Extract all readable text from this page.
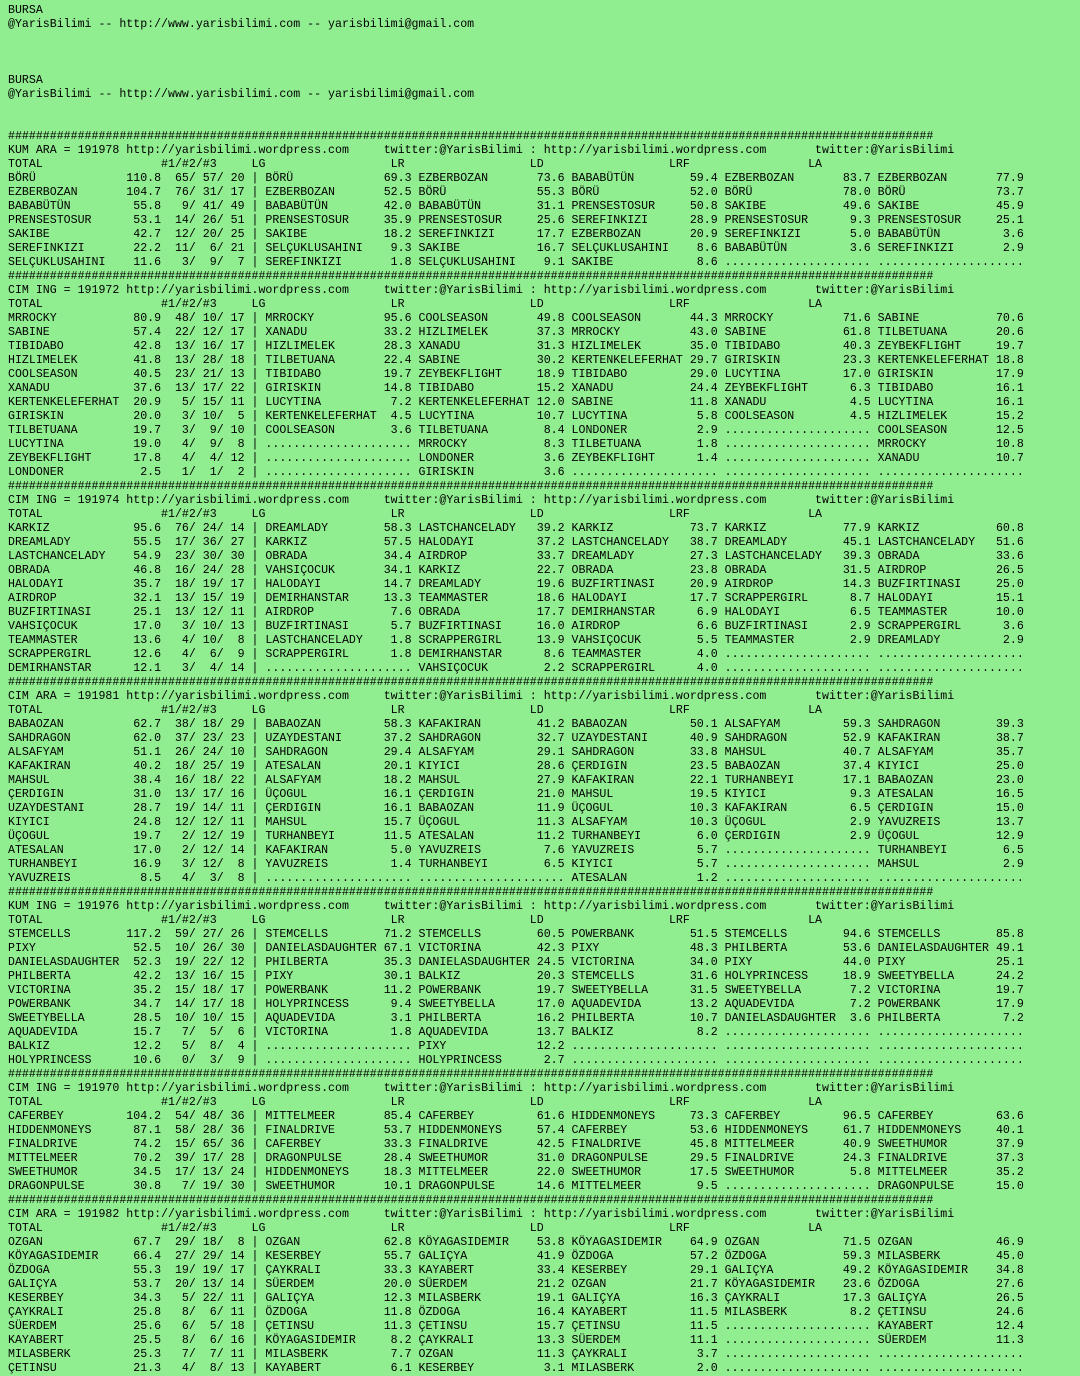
BURSA
@YarisBilimi -- http://www.yarisbilimi.com -- yarisbilimi@gmail.com
BURSA
@YarisBilimi -- http://www.yarisbilimi.com -- yarisbilimi@gmail.com
#####################################################################################################################################
KUM ARA = 191978 http://yarisbilimi.wordpress.com     twitter:@YarisBilimi : http://yarisbilimi.wordpress.com       twitter:@YarisBilimi
TOTAL                 #1/#2/#3     LG                  LR                  LD                  LRF                 LA
BÖRÜ             110.8  65/ 57/ 20 | BÖRÜ             69.3 EZBERBOZAN       73.6 BABABÜTÜN        59.4 EZBERBOZAN       83.7 EZBERBOZAN       77.9
EZBERBOZAN       104.7  76/ 31/ 17 | EZBERBOZAN       52.5 BÖRÜ             55.3 BÖRÜ             52.0 BÖRÜ             78.0 BÖRÜ             73.7
BABABÜTÜN         55.8   9/ 41/ 49 | BABABÜTÜN        42.0 BABABÜTÜN        31.1 PRENSESTOSUR     50.8 SAKIBE           49.6 SAKIBE           45.9
PRENSESTOSUR      53.1  14/ 26/ 51 | PRENSESTOSUR     35.9 PRENSESTOSUR     25.6 SEREFINKIZI      28.9 PRENSESTOSUR      9.3 PRENSESTOSUR     25.1
SAKIBE            42.7  12/ 20/ 25 | SAKIBE           18.2 SEREFINKIZI      17.7 EZBERBOZAN       20.9 SEREFINKIZI       5.0 BABABÜTÜN         3.6
SEREFINKIZI       22.2  11/  6/ 21 | SELÇUKLUSAHINI    9.3 SAKIBE           16.7 SELÇUKLUSAHINI    8.6 BABABÜTÜN         3.6 SEREFINKIZI       2.9
SELÇUKLUSAHINI    11.6   3/  9/  7 | SEREFINKIZI       1.8 SELÇUKLUSAHINI    9.1 SAKIBE            8.6 ..................... .....................
#####################################################################################################################################
CIM ING = 191972 http://yarisbilimi.wordpress.com     twitter:@YarisBilimi : http://yarisbilimi.wordpress.com       twitter:@YarisBilimi
TOTAL                 #1/#2/#3     LG                  LR                  LD                  LRF                 LA
MRROCKY           80.9  48/ 10/ 17 | MRROCKY          95.6 COOLSEASON       49.8 COOLSEASON       44.3 MRROCKY          71.6 SABINE           70.6
SABINE            57.4  22/ 12/ 17 | XANADU           33.2 HIZLIMELEK       37.3 MRROCKY          43.0 SABINE           61.8 TILBETUANA       20.6
TIBIDABO          42.8  13/ 16/ 17 | HIZLIMELEK       28.3 XANADU           31.3 HIZLIMELEK       35.0 TIBIDABO         40.3 ZEYBEKFLIGHT     19.7
HIZLIMELEK        41.8  13/ 28/ 18 | TILBETUANA       22.4 SABINE           30.2 KERTENKELEFERHAT 29.7 GIRISKIN         23.3 KERTENKELEFERHAT 18.8
COOLSEASON        40.5  23/ 21/ 13 | TIBIDABO         19.7 ZEYBEKFLIGHT     18.9 TIBIDABO         29.0 LUCYTINA         17.0 GIRISKIN         17.9
XANADU            37.6  13/ 17/ 22 | GIRISKIN         14.8 TIBIDABO         15.2 XANADU           24.4 ZEYBEKFLIGHT      6.3 TIBIDABO         16.1
KERTENKELEFERHAT  20.9   5/ 15/ 11 | LUCYTINA          7.2 KERTENKELEFERHAT 12.0 SABINE           11.8 XANADU            4.5 LUCYTINA         16.1
GIRISKIN          20.0   3/ 10/  5 | KERTENKELEFERHAT  4.5 LUCYTINA         10.7 LUCYTINA          5.8 COOLSEASON        4.5 HIZLIMELEK       15.2
TILBETUANA        19.7   3/  9/ 10 | COOLSEASON        3.6 TILBETUANA        8.4 LONDONER          2.9 ..................... COOLSEASON       12.5
LUCYTINA          19.0   4/  9/  8 | ..................... MRROCKY           8.3 TILBETUANA        1.8 ..................... MRROCKY          10.8
ZEYBEKFLIGHT      17.8   4/  4/ 12 | ..................... LONDONER          3.6 ZEYBEKFLIGHT      1.4 ..................... XANADU           10.7
LONDONER           2.5   1/  1/  2 | ..................... GIRISKIN          3.6 ..................... ..................... .....................
#####################################################################################################################################
CIM ING = 191974 http://yarisbilimi.wordpress.com     twitter:@YarisBilimi : http://yarisbilimi.wordpress.com       twitter:@YarisBilimi
TOTAL                 #1/#2/#3     LG                  LR                  LD                  LRF                 LA
KARKIZ            95.6  76/ 24/ 14 | DREAMLADY        58.3 LASTCHANCELADY   39.2 KARKIZ           73.7 KARKIZ           77.9 KARKIZ           60.8
DREAMLADY         55.5  17/ 36/ 27 | KARKIZ           57.5 HALODAYI         37.2 LASTCHANCELADY   38.7 DREAMLADY        45.1 LASTCHANCELADY   51.6
LASTCHANCELADY    54.9  23/ 30/ 30 | OBRADA           34.4 AIRDROP          33.7 DREAMLADY        27.3 LASTCHANCELADY   39.3 OBRADA           33.6
OBRADA            46.8  16/ 24/ 28 | VAHSIÇOCUK       34.1 KARKIZ           22.7 OBRADA           23.8 OBRADA           31.5 AIRDROP          26.5
HALODAYI          35.7  18/ 19/ 17 | HALODAYI         14.7 DREAMLADY        19.6 BUZFIRTINASI     20.9 AIRDROP          14.3 BUZFIRTINASI     25.0
AIRDROP           32.1  13/ 15/ 19 | DEMIRHANSTAR     13.3 TEAMMASTER       18.6 HALODAYI         17.7 SCRAPPERGIRL      8.7 HALODAYI         15.1
BUZFIRTINASI      25.1  13/ 12/ 11 | AIRDROP           7.6 OBRADA           17.7 DEMIRHANSTAR      6.9 HALODAYI          6.5 TEAMMASTER       10.0
VAHSIÇOCUK        17.0   3/ 10/ 13 | BUZFIRTINASI      5.7 BUZFIRTINASI     16.0 AIRDROP           6.6 BUZFIRTINASI      2.9 SCRAPPERGIRL      3.6
TEAMMASTER        13.6   4/ 10/  8 | LASTCHANCELADY    1.8 SCRAPPERGIRL     13.9 VAHSIÇOCUK        5.5 TEAMMASTER        2.9 DREAMLADY         2.9
SCRAPPERGIRL      12.6   4/  6/  9 | SCRAPPERGIRL      1.8 DEMIRHANSTAR      8.6 TEAMMASTER        4.0 ..................... .....................
DEMIRHANSTAR      12.1   3/  4/ 14 | ..................... VAHSIÇOCUK        2.2 SCRAPPERGIRL      4.0 ..................... .....................
#####################################################################################################################################
CIM ARA = 191981 http://yarisbilimi.wordpress.com     twitter:@YarisBilimi : http://yarisbilimi.wordpress.com       twitter:@YarisBilimi
TOTAL                 #1/#2/#3     LG                  LR                  LD                  LRF                 LA
BABAOZAN          62.7  38/ 18/ 29 | BABAOZAN         58.3 KAFAKIRAN        41.2 BABAOZAN         50.1 ALSAFYAM         59.3 SAHDRAGON        39.3
SAHDRAGON         62.0  37/ 23/ 23 | UZAYDESTANI      37.2 SAHDRAGON        32.7 UZAYDESTANI      40.9 SAHDRAGON        52.9 KAFAKIRAN        38.7
ALSAFYAM          51.1  26/ 24/ 10 | SAHDRAGON        29.4 ALSAFYAM         29.1 SAHDRAGON        33.8 MAHSUL           40.7 ALSAFYAM         35.7
KAFAKIRAN         40.2  18/ 25/ 19 | ATESALAN         20.1 KIYICI           28.6 ÇERDIGIN         23.5 BABAOZAN         37.4 KIYICI           25.0
MAHSUL            38.4  16/ 18/ 22 | ALSAFYAM         18.2 MAHSUL           27.9 KAFAKIRAN        22.1 TURHANBEYI       17.1 BABAOZAN         23.0
ÇERDIGIN          31.0  13/ 17/ 16 | ÜÇOGUL           16.1 ÇERDIGIN         21.0 MAHSUL           19.5 KIYICI            9.3 ATESALAN         16.5
UZAYDESTANI       28.7  19/ 14/ 11 | ÇERDIGIN         16.1 BABAOZAN         11.9 ÜÇOGUL           10.3 KAFAKIRAN         6.5 ÇERDIGIN         15.0
KIYICI            24.8  12/ 12/ 11 | MAHSUL           15.7 ÜÇOGUL           11.3 ALSAFYAM         10.3 ÜÇOGUL            2.9 YAVUZREIS        13.7
ÜÇOGUL            19.7   2/ 12/ 19 | TURHANBEYI       11.5 ATESALAN         11.2 TURHANBEYI        6.0 ÇERDIGIN          2.9 ÜÇOGUL           12.9
ATESALAN          17.0   2/ 12/ 14 | KAFAKIRAN         5.0 YAVUZREIS         7.6 YAVUZREIS         5.7 ..................... TURHANBEYI        6.5
TURHANBEYI        16.9   3/ 12/  8 | YAVUZREIS         1.4 TURHANBEYI        6.5 KIYICI            5.7 ..................... MAHSUL            2.9
YAVUZREIS          8.5   4/  3/  8 | ..................... ..................... ATESALAN          1.2 ..................... .....................
#####################################################################################################################################
KUM ING = 191976 http://yarisbilimi.wordpress.com     twitter:@YarisBilimi : http://yarisbilimi.wordpress.com       twitter:@YarisBilimi
TOTAL                 #1/#2/#3     LG                  LR                  LD                  LRF                 LA
STEMCELLS        117.2  59/ 27/ 26 | STEMCELLS        71.2 STEMCELLS        60.5 POWERBANK        51.5 STEMCELLS        94.6 STEMCELLS        85.8
PIXY              52.5  10/ 26/ 30 | DANIELASDAUGHTER 67.1 VICTORINA        42.3 PIXY             48.3 PHILBERTA        53.6 DANIELASDAUGHTER 49.1
DANIELASDAUGHTER  52.3  19/ 22/ 12 | PHILBERTA        35.3 DANIELASDAUGHTER 24.5 VICTORINA        34.0 PIXY             44.0 PIXY             25.1
PHILBERTA         42.2  13/ 16/ 15 | PIXY             30.1 BALKIZ           20.3 STEMCELLS        31.6 HOLYPRINCESS     18.9 SWEETYBELLA      24.2
VICTORINA         35.2  15/ 18/ 17 | POWERBANK        11.2 POWERBANK        19.7 SWEETYBELLA      31.5 SWEETYBELLA       7.2 VICTORINA        19.7
POWERBANK         34.7  14/ 17/ 18 | HOLYPRINCESS      9.4 SWEETYBELLA      17.0 AQUADEVIDA       13.2 AQUADEVIDA        7.2 POWERBANK        17.9
SWEETYBELLA       28.5  10/ 10/ 15 | AQUADEVIDA        3.1 PHILBERTA        16.2 PHILBERTA        10.7 DANIELASDAUGHTER  3.6 PHILBERTA         7.2
AQUADEVIDA        15.7   7/  5/  6 | VICTORINA         1.8 AQUADEVIDA       13.7 BALKIZ            8.2 ..................... .....................
BALKIZ            12.2   5/  8/  4 | ..................... PIXY             12.2 ..................... ..................... .....................
HOLYPRINCESS      10.6   0/  3/  9 | ..................... HOLYPRINCESS      2.7 ..................... ..................... .....................
#####################################################################################################################################
CIM ING = 191970 http://yarisbilimi.wordpress.com     twitter:@YarisBilimi : http://yarisbilimi.wordpress.com       twitter:@YarisBilimi
TOTAL                 #1/#2/#3     LG                  LR                  LD                  LRF                 LA
CAFERBEY         104.2  54/ 48/ 36 | MITTELMEER       85.4 CAFERBEY         61.6 HIDDENMONEYS     73.3 CAFERBEY         96.5 CAFERBEY         63.6
HIDDENMONEYS      87.1  58/ 28/ 36 | FINALDRIVE       53.7 HIDDENMONEYS     57.4 CAFERBEY         53.6 HIDDENMONEYS     61.7 HIDDENMONEYS     40.1
FINALDRIVE        74.2  15/ 65/ 36 | CAFERBEY         33.3 FINALDRIVE       42.5 FINALDRIVE       45.8 MITTELMEER       40.9 SWEETHUMOR       37.9
MITTELMEER        70.2  39/ 17/ 28 | DRAGONPULSE      28.4 SWEETHUMOR       31.0 DRAGONPULSE      29.5 FINALDRIVE       24.3 FINALDRIVE       37.3
SWEETHUMOR        34.5  17/ 13/ 24 | HIDDENMONEYS     18.3 MITTELMEER       22.0 SWEETHUMOR       17.5 SWEETHUMOR        5.8 MITTELMEER       35.2
DRAGONPULSE       30.8   7/ 19/ 30 | SWEETHUMOR       10.1 DRAGONPULSE      14.6 MITTELMEER        9.5 ..................... DRAGONPULSE      15.0
#####################################################################################################################################
CIM ARA = 191982 http://yarisbilimi.wordpress.com     twitter:@YarisBilimi : http://yarisbilimi.wordpress.com       twitter:@YarisBilimi
TOTAL                 #1/#2/#3     LG                  LR                  LD                  LRF                 LA
OZGAN             67.7  29/ 18/  8 | OZGAN            62.8 KÖYAGASIDEMIR    53.8 KÖYAGASIDEMIR    64.9 OZGAN            71.5 OZGAN            46.9
KÖYAGASIDEMIR     66.4  27/ 29/ 14 | KESERBEY         55.7 GALIÇYA          41.9 ÖZDOGA           57.2 ÖZDOGA           59.3 MILASBERK        45.0
ÖZDOGA            55.3  19/ 19/ 17 | ÇAYKRALI         33.3 KAYABERT         33.4 KESERBEY         29.1 GALIÇYA          49.2 KÖYAGASIDEMIR    34.8
GALIÇYA           53.7  20/ 13/ 14 | SÜERDEM          20.0 SÜERDEM          21.2 OZGAN            21.7 KÖYAGASIDEMIR    23.6 ÖZDOGA           27.6
KESERBEY          34.3   5/ 22/ 11 | GALIÇYA          12.3 MILASBERK        19.1 GALIÇYA          16.3 ÇAYKRALI         17.3 GALIÇYA          26.5
ÇAYKRALI          25.8   8/  6/ 11 | ÖZDOGA           11.8 ÖZDOGA           16.4 KAYABERT         11.5 MILASBERK         8.2 ÇETINSU          24.6
SÜERDEM           25.6   6/  5/ 18 | ÇETINSU          11.3 ÇETINSU          15.7 ÇETINSU          11.5 ..................... KAYABERT         12.4
KAYABERT          25.5   8/  6/ 16 | KÖYAGASIDEMIR     8.2 ÇAYKRALI         13.3 SÜERDEM          11.1 ..................... SÜERDEM          11.3
MILASBERK         25.3   7/  7/ 11 | MILASBERK         7.7 OZGAN            11.3 ÇAYKRALI          3.7 ..................... .....................
ÇETINSU           21.3   4/  8/ 13 | KAYABERT          6.1 KESERBEY          3.1 MILASBERK         2.0 ..................... .....................
